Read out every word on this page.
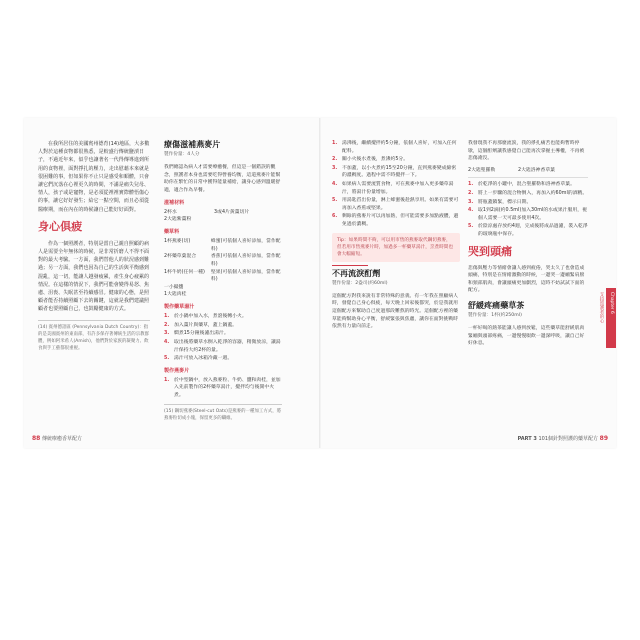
在我所居住的美國賓州德育(14)地區，大多數人對於這種食物都很熟悉，是較盛行傳統鹽漬日子，不過近年來，似乎也讓著名一代得傳導進到所用的食物裡，面對掙扎的壓力，走出慰藉本來就是很困難的事，但如果你不止只是感受和順體，只會讓它們沉落在心裡更久的時間，不滿是痛失兒母、情人，孩子或是寵物，是必須從裡裡實際體悟傷心的事，讓它好好發生；給它一點空間，而且必須從醫療期，而在內在的時候讓自己能好好面對。

身心俱疲

作為一個照護者，特別是當自己親自照顧的病人是需要全年無休的時候，是非常折磨人不得不面對的最大考驗。一方面，我們替他人的狀況感到難過；另一方面，我們也因為自己的生活與平衡感到混亂，這一切，能讓人越發疲累，產生身心疲累的情況。在這樣的情況下，我們可能會變得易怒、焦慮、沮喪、失眠甚至持續感冒。健康的心態，是照顧者能否持續照顧下去的關鍵，這就是我們建議照顧者也要照顧自己，也鼓勵健康的方式。

(14) 賓州德語區 (Pennsylvania Dutch Country)：指的是美國賓州的東南部，有許多保存著傳統生活的宗教群體，例如阿米希人(Amish)，他們對於家族的凝聚力、飲食與手工藝都很重視。
療傷滋補燕麥片
製作份量：4人分
我們總認為病人才需要療癒餐，但這是一個錯誤的觀念，照護者本身也需要吃得營養均衡，這道燕麥片能幫助你在繁忙的日常中獲得能量補給，讓身心感到溫暖舒適，適合作為早餐。
滋補材料
2杯水	3或4片黃薑切片
2大匙紫薑粉
藥草料
1杯燕麥(切)	蜂蜜(可依個人喜好添加，當作配料)
2杯藥草葉混合	香蕉(可依個人喜好添加，當作配料)
1杯牛奶(任何一種) 堅果(可依個人喜好添加，當作配料)
一小撮鹽
1大匙肉桂
製作藥草湯汁
1. 於小鍋中加入水，煮滾後轉小火。
2. 加入薑片與藥草，蓋上鍋蓋。
3. 燜煮15分鐘後濾出湯汁。
4. 取出後將藥草水倒入乾淨的容器，稍微放涼，讓湯汁保持大約2杯的量。
5. 湯汁可放入冰箱冷藏一週。
製作燕麥片
1. 於中型鍋中，放入燕麥粒、牛奶、鹽和肉桂，並加入先前製作的2杯藥草湯汁，攪拌均勻後開中火煮。
(15) 鋼切燕麥(Steel-cut Oats)是燕麥的一種加工方式，將燕麥粒切成小塊，保留更多的纖維。
88 傳統療癒香草配方
1. 湯沸後，繼續攪拌約5分鐘，依個人喜好，可加入任何配料。
2. 關小火後水煮後，煮沸約5分。
3. 不加蓋，以小火煮約15至20分鐘，直到燕麥變成綿密的濃稠度。過程中需不時攪拌一下。
4. 如果病人需要流質食物，可在燕麥中加入更多藥草湯汁，將湯汁份量增加。
5. 用湯匙舀出份量，淋上蜂蜜後趁熱享用。如果有需要可再加入香蕉或堅果。
6. 剩餘的燕麥片可以再加熱，但可能需要多加點液體，避免過於濃稠。
Tip：如果時間不夠，可以用市售的燕麥取代鋼切燕麥，但若用市售燕麥片時，加過多一杯藥草湯汁，烹煮時間也會大幅縮短。
不再流淚酊劑
製作份量：2盎司(約60ml)
這個配方對我來說有非常特殊的意義。有一年我在照顧病人時，發覺自己身心俱疲，每天晚上回家後都哭，於是我就用這個配方來幫助自己度過那段難熬的時光。這個配方裡的藥草能夠幫助身心平衡，舒緩緊張與焦慮，讓你在面對挑戰時依然有力量向前走。
我發現我不再那麼流淚，我的掙扎痛苦也能夠暫時停歇，這個酊劑讓我感覺自己能再次掌握主導權，不再被悲傷淹沒。
2大匙聖羅勒	2大匙洛神香草葉
1. 於乾淨的小罐中，混合聖羅勒和洛神香草葉。
2. 將上一步驟的混合物倒入，再加入約60ml的酒精。
3. 將瓶蓋鎖緊，標示日期。
4. 取1到2滴(約0.5ml)加入30ml的水或果汁服用，視個人需要一天可最多使用4次。
5. 於陰涼處存放約4週，完成後將成品過濾，裝入乾淨的玻璃瓶中保存。
哭到頭痛
悲傷與壓力等情緒會讓人感到疲倦，哭太久了也會造成頭痛，特別是在情緒激動的時候，一邊哭一邊繃緊肩膀和頸部肌肉，會讓頭痛更加劇烈，這時不妨試試下面的配方。
舒緩疼痛藥草茶
製作份量：1杯(約250ml)
一杯好喝的熱茶能讓人感到放鬆，這些藥草能舒緩肌肉緊繃與頭部疼痛，一邊慢慢啜飲一邊深呼吸，讓自己好好休息。
Chapter 6
支持照護者的心
PART 3 101個針對照護的藥草配方 89
